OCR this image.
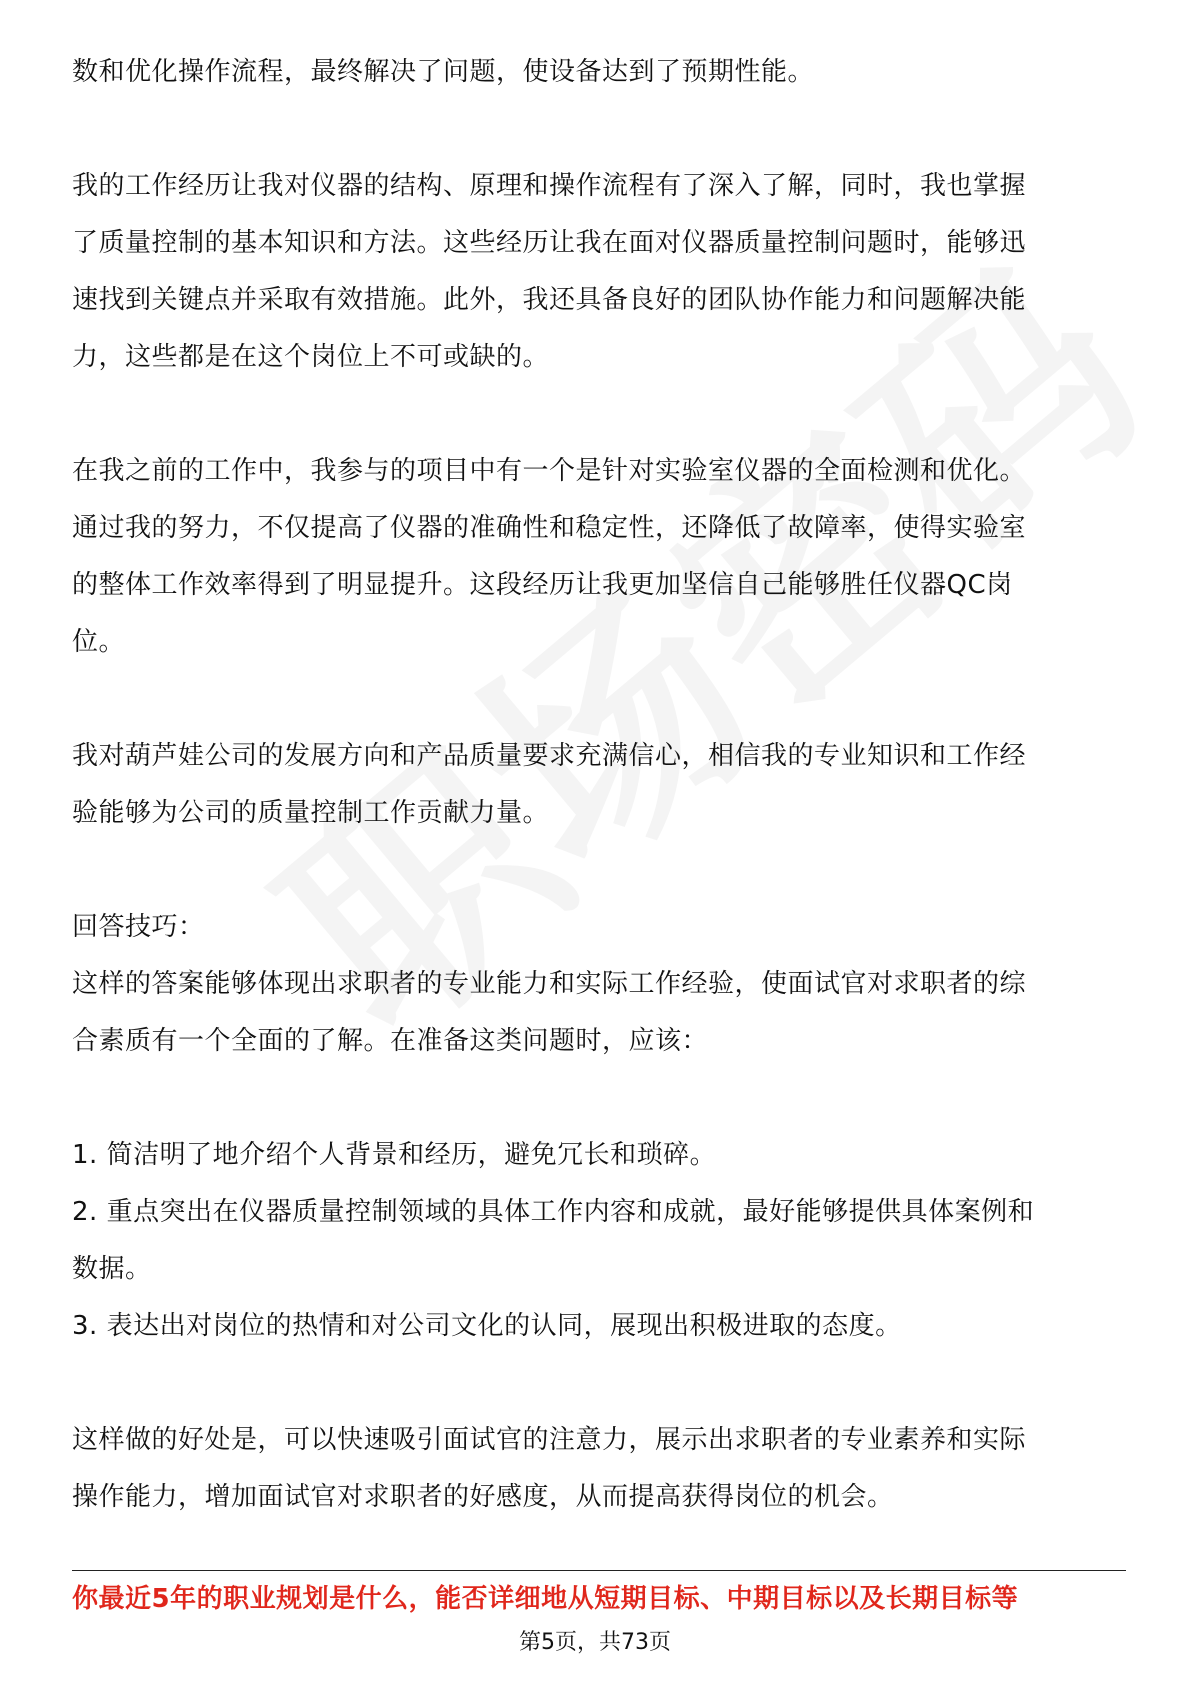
数和优化操作流程，最终解决了问题，使设备达到了预期性能。
我的工作经历让我对仪器的结构、原理和操作流程有了深入了解，同时，我也掌握
了质量控制的基本知识和方法。这些经历让我在面对仪器质量控制问题时，能够迅
速找到关键点并采取有效措施。此外，我还具备良好的团队协作能力和问题解决能
力，这些都是在这个岗位上不可或缺的。
在我之前的工作中，我参与的项目中有一个是针对实验室仪器的全面检测和优化。
通过我的努力，不仅提高了仪器的准确性和稳定性，还降低了故障率，使得实验室
的整体工作效率得到了明显提升。这段经历让我更加坚信自己能够胜任仪器QC岗
位。
我对葫芦娃公司的发展方向和产品质量要求充满信心，相信我的专业知识和工作经
验能够为公司的质量控制工作贡献力量。
回答技巧：
这样的答案能够体现出求职者的专业能力和实际工作经验，使面试官对求职者的综
合素质有一个全面的了解。在准备这类问题时，应该：
1. 简洁明了地介绍个人背景和经历，避免冗长和琐碎。
2. 重点突出在仪器质量控制领域的具体工作内容和成就，最好能够提供具体案例和
数据。
3. 表达出对岗位的热情和对公司文化的认同，展现出积极进取的态度。
这样做的好处是，可以快速吸引面试官的注意力，展示出求职者的专业素养和实际
操作能力，增加面试官对求职者的好感度，从而提高获得岗位的机会。
你最近5年的职业规划是什么，能否详细地从短期目标、中期目标以及长期目标等
第5页，共73页
